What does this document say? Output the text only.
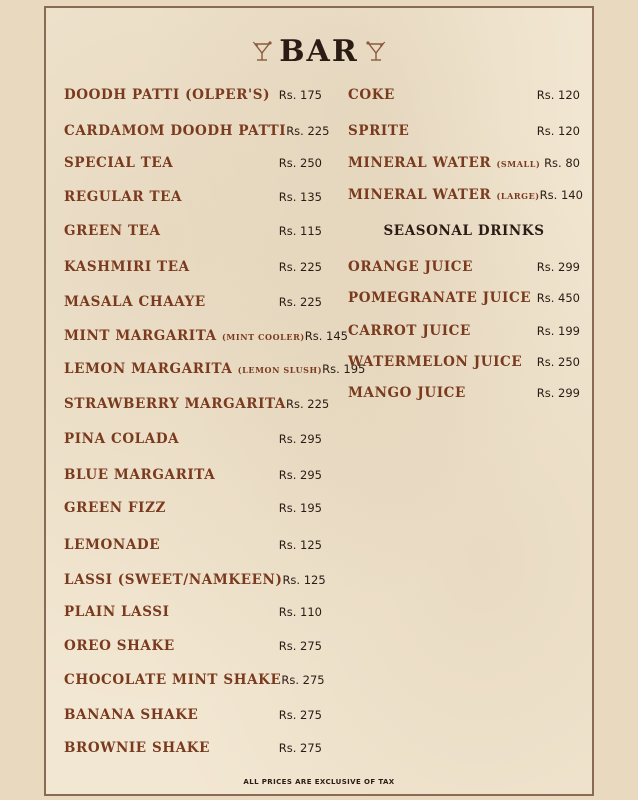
BAR
DOODH PATTI (OLPER'S) Rs. 175
CARDAMOM DOODH PATTI Rs. 225
SPECIAL TEA	Rs. 250
REGULAR TEA	Rs. 135
GREEN TEA	Rs. 115
KASHMIRI TEA	Rs. 225
MASALA CHAAYE	Rs. 225
MINT MARGARITA (MINT COOLER) Rs. 145
LEMON MARGARITA (LEMON SLUSH) Rs. 195
STRAWBERRY MARGARITA Rs. 225
PINA COLADA	Rs. 295
BLUE MARGARITA	Rs. 295
GREEN FIZZ	Rs. 195
LEMONADE	Rs. 125
LASSI (SWEET/NAMKEEN) Rs. 125
PLAIN LASSI	Rs. 110
OREO SHAKE	Rs. 275
CHOCOLATE MINT SHAKE Rs. 275
BANANA SHAKE	Rs. 275
BROWNIE SHAKE	Rs. 275
COKE	Rs. 120
SPRITE	Rs. 120
MINERAL WATER (SMALL) Rs. 80
MINERAL WATER (LARGE) Rs. 140
SEASONAL DRINKS
ORANGE JUICE	Rs. 299
POMEGRANATE JUICE Rs. 450
CARROT JUICE	Rs. 199
WATERMELON JUICE Rs. 250
MANGO JUICE	Rs. 299
ALL PRICES ARE EXCLUSIVE OF TAX
